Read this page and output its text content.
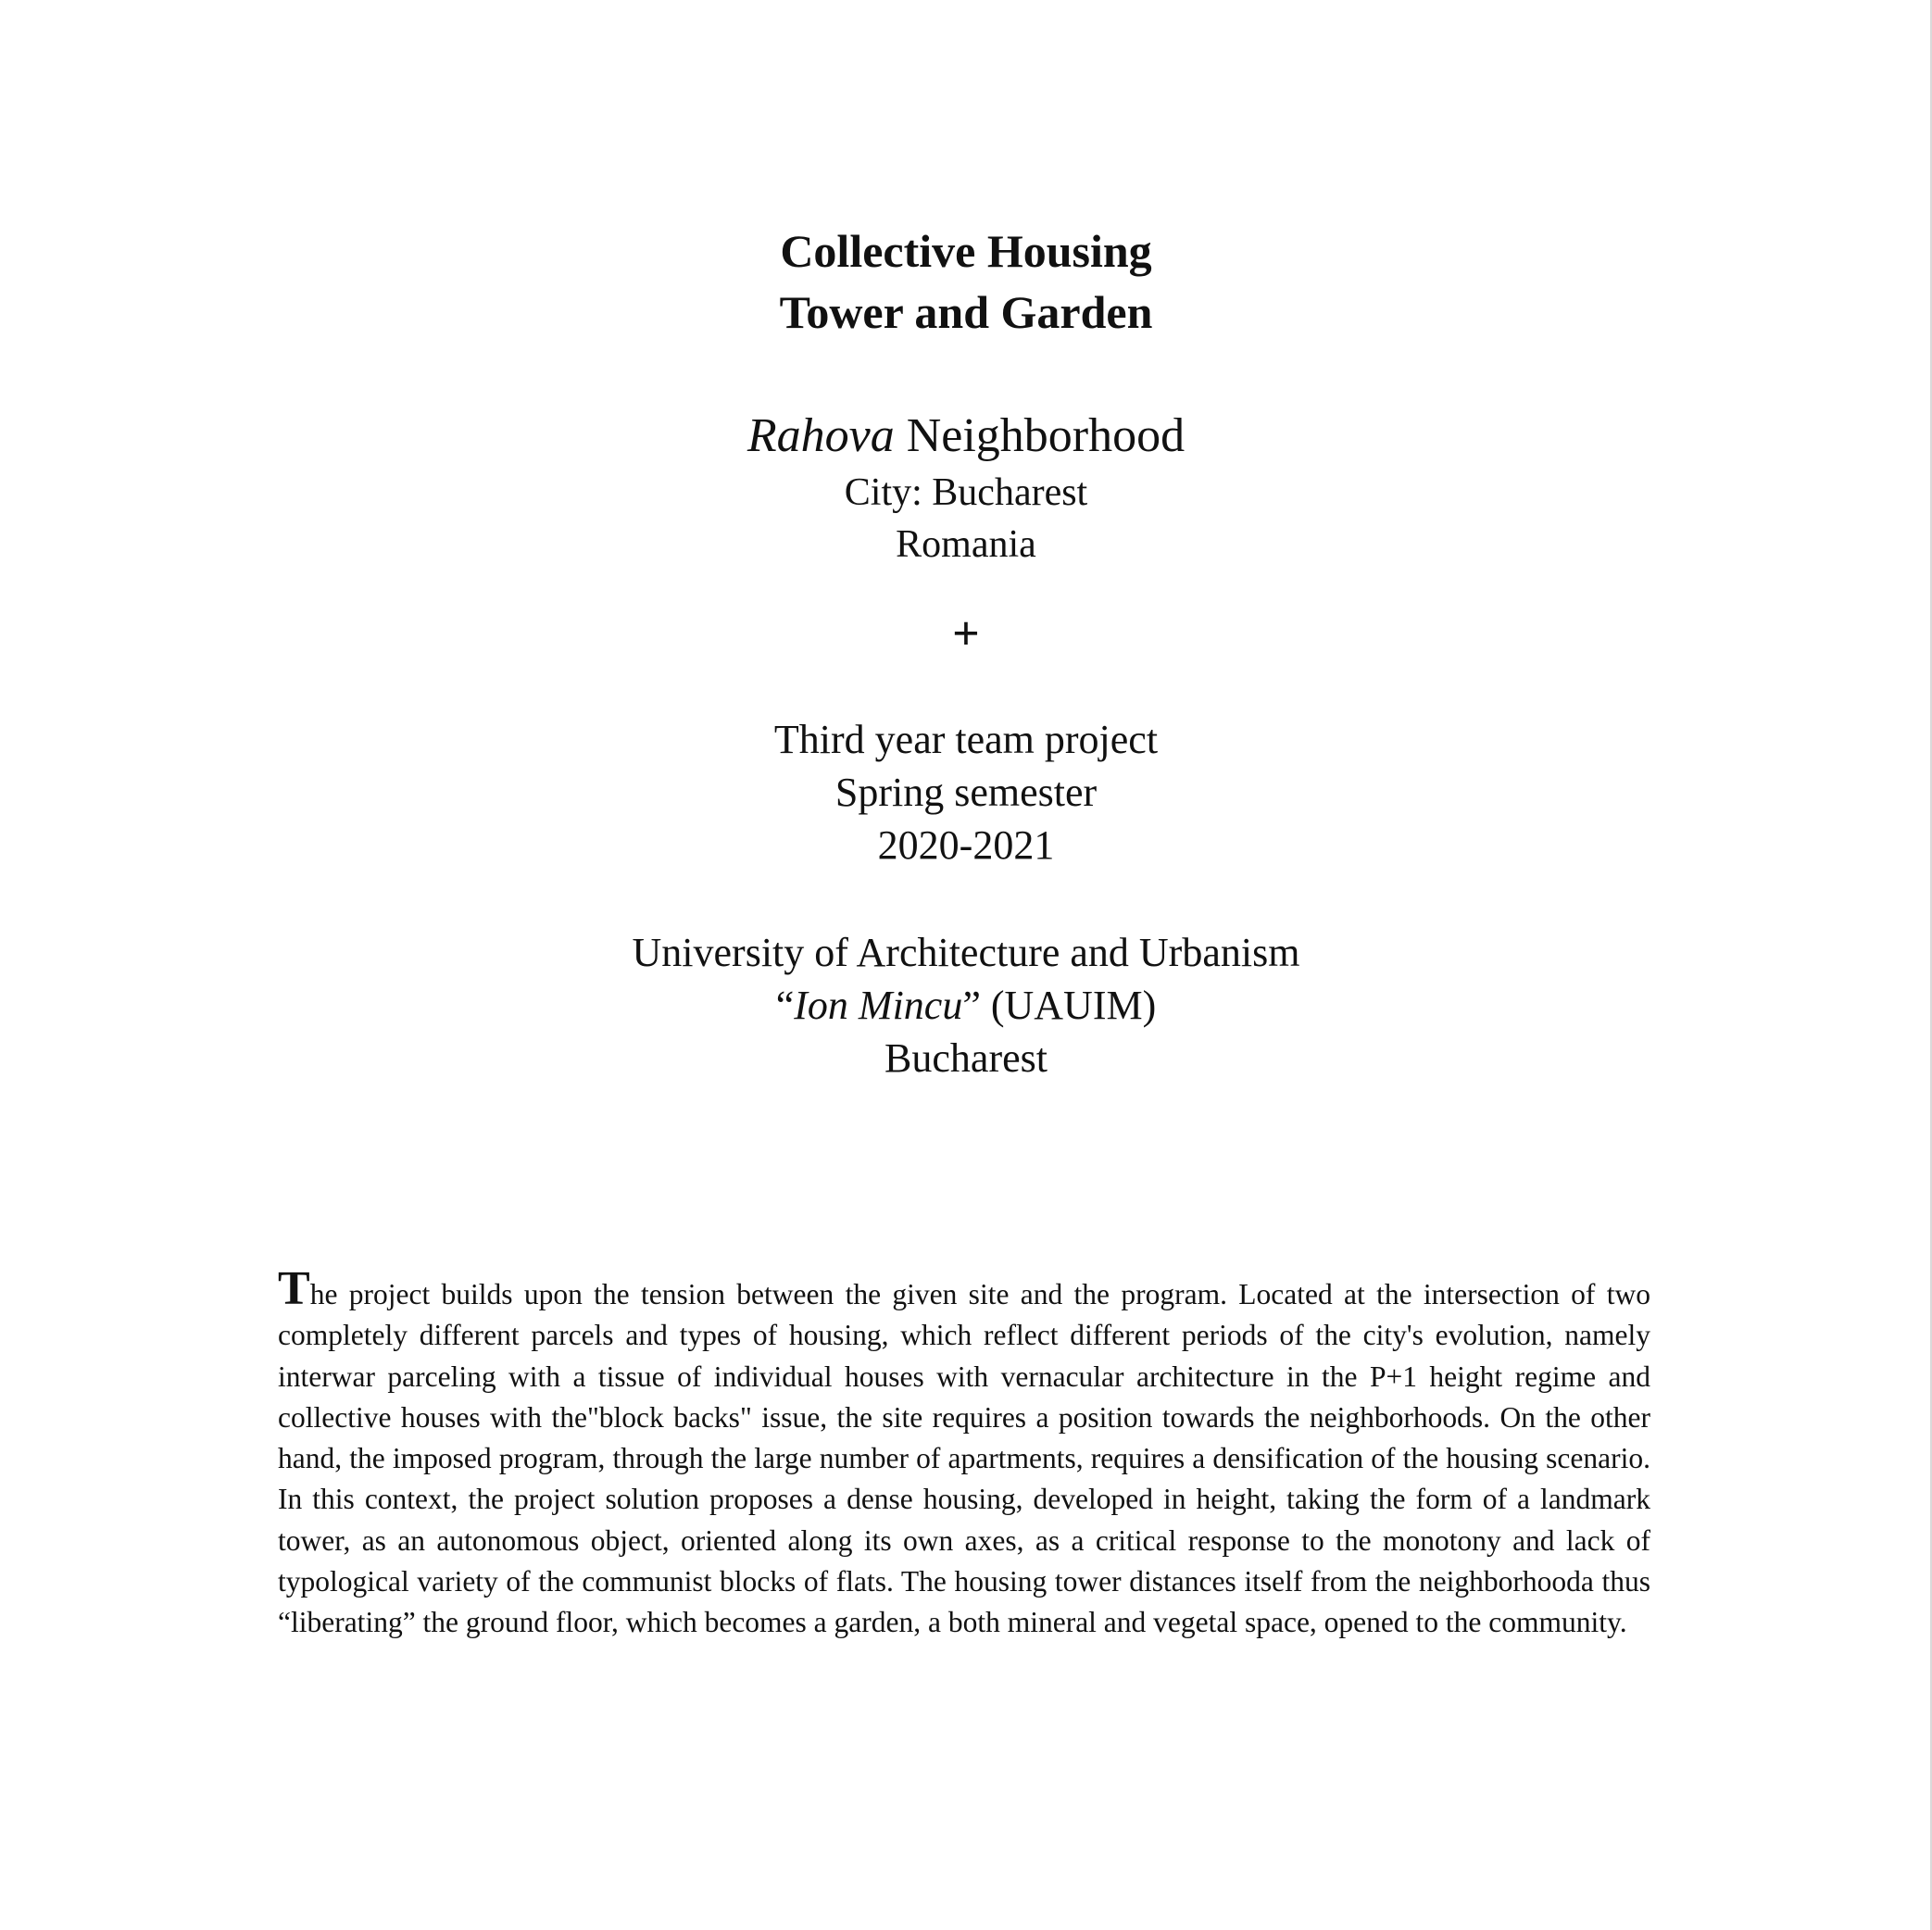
Collective Housing
Tower and Garden
Rahova Neighborhood
City: Bucharest
Romania
+
Third year team project
Spring semester
2020-2021
University of Architecture and Urbanism
“Ion Mincu” (UAUIM)
Bucharest
The project builds upon the tension between the given site and the program. Located at the intersection of two completely different parcels and types of housing, which reflect different periods of the city's evolution, namely interwar parceling with a tissue of individual houses with vernacular architecture in the P+1 height regime and collective houses with the"block backs" issue, the site requires a position towards the neighborhoods. On the other hand, the imposed program, through the large number of apartments, requires a densification of the housing scenario. In this context, the project solution proposes a dense housing, developed in height, taking the form of a landmark tower, as an autonomous object, oriented along its own axes, as a critical response to the monotony and lack of typological variety of the communist blocks of flats. The housing tower distances itself from the neighborhooda thus “liberating” the ground floor, which becomes a garden, a both mineral and vegetal space, opened to the community.
